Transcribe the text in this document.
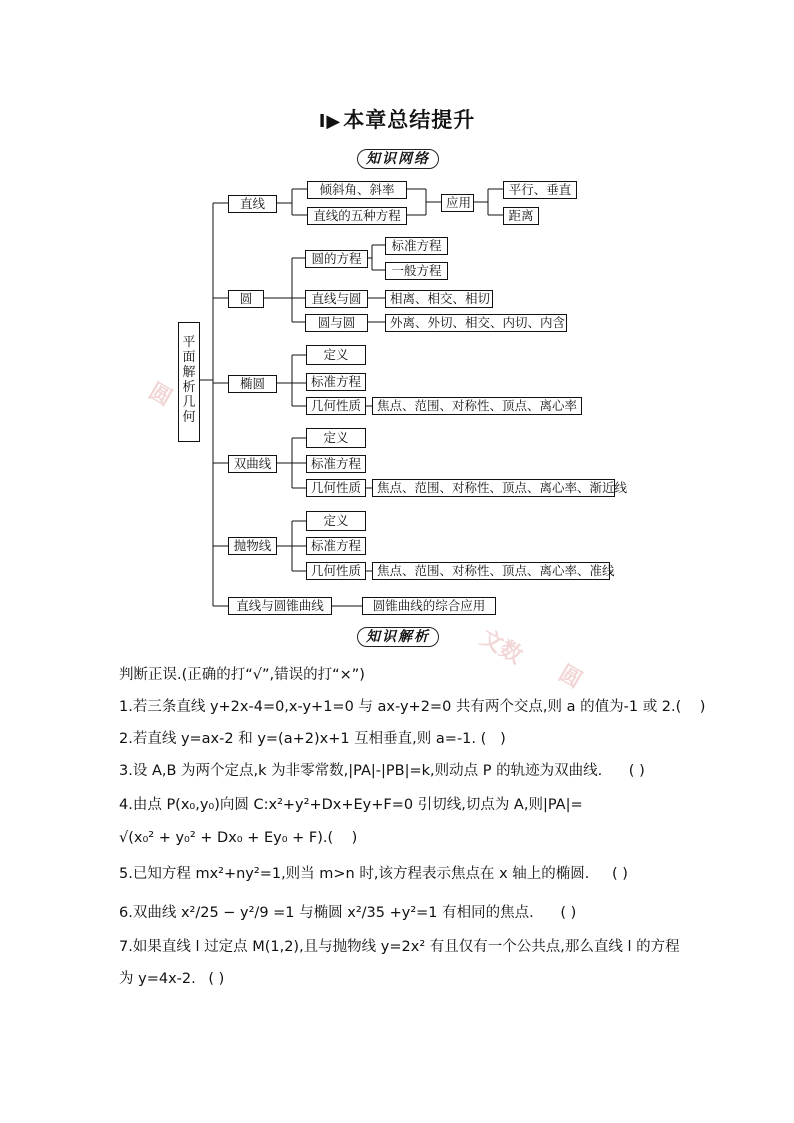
I▶本章总结提升
知识网络
平
面
解
析
几
何
直线
倾斜角、斜率
直线的五种方程
应用
平行、垂直
距离
圆
圆的方程
标准方程
一般方程
直线与圆	相离、相交、相切
圆与圆	外离、外切、相交、内切、内含
椭圆
定义
标准方程
几何性质	焦点、范围、对称性、顶点、离心率
双曲线
定义
标准方程
几何性质	焦点、范围、对称性、顶点、离心率、渐近线
抛物线
定义
标准方程
几何性质	焦点、范围、对称性、顶点、离心率、准线
直线与圆锥曲线	圆锥曲线的综合应用
知识解析
圆
文数
圆
判断正误.(正确的打“√”,错误的打“×”)
1.若三条直线 y+2x-4=0,x-y+1=0 与 ax-y+2=0 共有两个交点,则 a 的值为-1 或 2.( )
2.若直线 y=ax-2 和 y=(a+2)x+1 互相垂直,则 a=-1. ( )
3.设 A,B 为两个定点,k 为非零常数,|PA|-|PB|=k,则动点 P 的轨迹为双曲线. ( )
4.由点 P(x₀,y₀)向圆 C:x²+y²+Dx+Ey+F=0 引切线,切点为 A,则|PA|=
√(x₀² + y₀² + Dx₀ + Ey₀ + F).( )
5.已知方程 mx²+ny²=1,则当 m>n 时,该方程表示焦点在 x 轴上的椭圆. ( )
6.双曲线 x²/25 − y²/9 =1 与椭圆 x²/35 +y²=1 有相同的焦点. ( )
7.如果直线 l 过定点 M(1,2),且与抛物线 y=2x² 有且仅有一个公共点,那么直线 l 的方程
为 y=4x-2. ( )
